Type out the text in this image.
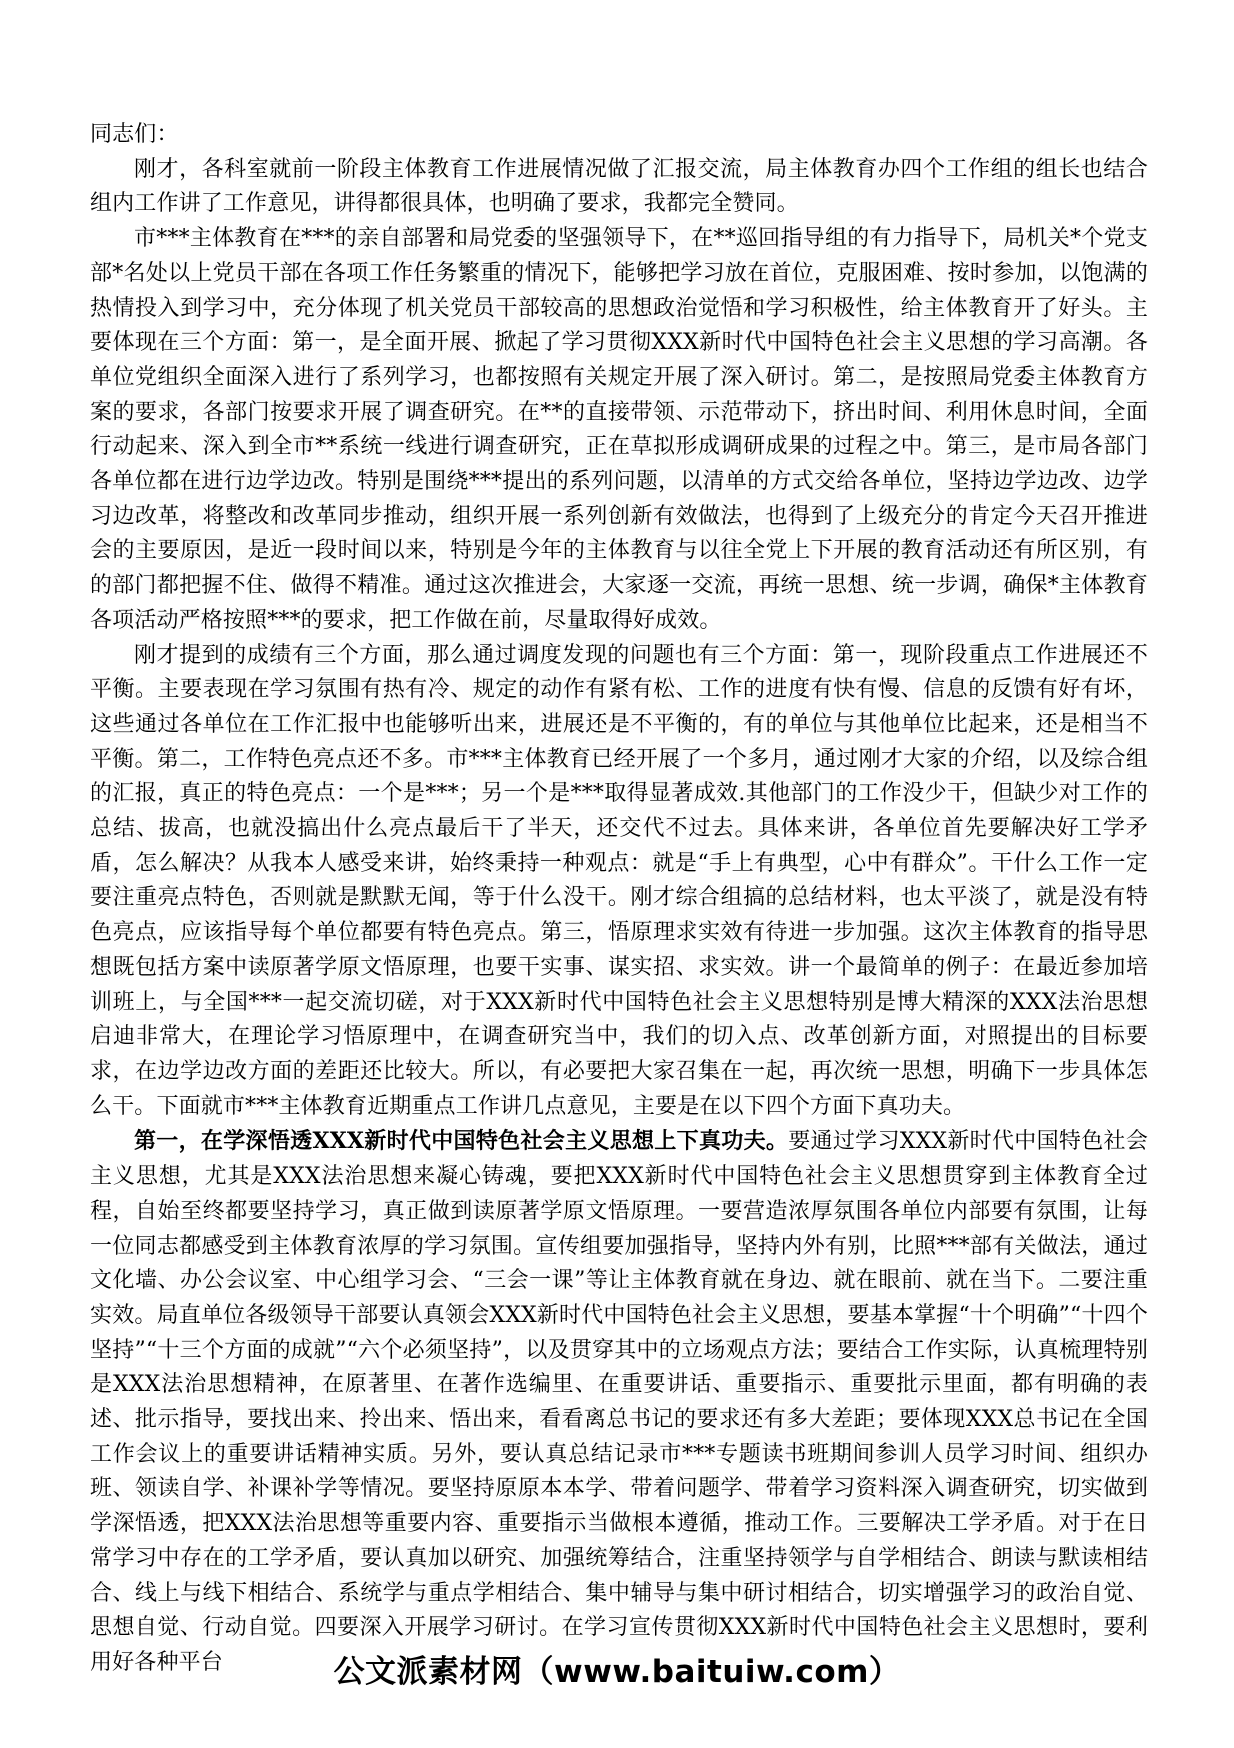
同志们：

刚才，各科室就前一阶段主体教育工作进展情况做了汇报交流，局主体教育办四个工作组的组长也结合组内工作讲了工作意见，讲得都很具体，也明确了要求，我都完全赞同。

市***主体教育在***的亲自部署和局党委的坚强领导下，在**巡回指导组的有力指导下，局机关*个党支部*名处以上党员干部在各项工作任务繁重的情况下，能够把学习放在首位，克服困难、按时参加，以饱满的热情投入到学习中，充分体现了机关党员干部较高的思想政治觉悟和学习积极性，给主体教育开了好头。主要体现在三个方面：第一，是全面开展、掀起了学习贯彻XXX新时代中国特色社会主义思想的学习高潮。各单位党组织全面深入进行了系列学习，也都按照有关规定开展了深入研讨。第二，是按照局党委主体教育方案的要求，各部门按要求开展了调查研究。在**的直接带领、示范带动下，挤出时间、利用休息时间，全面行动起来、深入到全市**系统一线进行调查研究，正在草拟形成调研成果的过程之中。第三，是市局各部门各单位都在进行边学边改。特别是围绕***提出的系列问题，以清单的方式交给各单位，坚持边学边改、边学习边改革，将整改和改革同步推动，组织开展一系列创新有效做法，也得到了上级充分的肯定今天召开推进会的主要原因，是近一段时间以来，特别是今年的主体教育与以往全党上下开展的教育活动还有所区别，有的部门都把握不住、做得不精准。通过这次推进会，大家逐一交流，再统一思想、统一步调，确保*主体教育各项活动严格按照***的要求，把工作做在前，尽量取得好成效。

刚才提到的成绩有三个方面，那么通过调度发现的问题也有三个方面：第一，现阶段重点工作进展还不平衡。主要表现在学习氛围有热有冷、规定的动作有紧有松、工作的进度有快有慢、信息的反馈有好有坏，这些通过各单位在工作汇报中也能够听出来，进展还是不平衡的，有的单位与其他单位比起来，还是相当不平衡。第二，工作特色亮点还不多。市***主体教育已经开展了一个多月，通过刚才大家的介绍，以及综合组的汇报，真正的特色亮点：一个是***；另一个是***取得显著成效.其他部门的工作没少干，但缺少对工作的总结、拔高，也就没搞出什么亮点最后干了半天，还交代不过去。具体来讲，各单位首先要解决好工学矛盾，怎么解决？从我本人感受来讲，始终秉持一种观点：就是“手上有典型，心中有群众”。干什么工作一定要注重亮点特色，否则就是默默无闻，等于什么没干。刚才综合组搞的总结材料，也太平淡了，就是没有特色亮点，应该指导每个单位都要有特色亮点。第三，悟原理求实效有待进一步加强。这次主体教育的指导思想既包括方案中读原著学原文悟原理，也要干实事、谋实招、求实效。讲一个最简单的例子：在最近参加培训班上，与全国***一起交流切磋，对于XXX新时代中国特色社会主义思想特别是博大精深的XXX法治思想启迪非常大，在理论学习悟原理中，在调查研究当中，我们的切入点、改革创新方面，对照提出的目标要求，在边学边改方面的差距还比较大。所以，有必要把大家召集在一起，再次统一思想，明确下一步具体怎么干。下面就市***主体教育近期重点工作讲几点意见，主要是在以下四个方面下真功夫。

第一，在学深悟透XXX新时代中国特色社会主义思想上下真功夫。要通过学习XXX新时代中国特色社会主义思想，尤其是XXX法治思想来凝心铸魂，要把XXX新时代中国特色社会主义思想贯穿到主体教育全过程，自始至终都要坚持学习，真正做到读原著学原文悟原理。一要营造浓厚氛围各单位内部要有氛围，让每一位同志都感受到主体教育浓厚的学习氛围。宣传组要加强指导，坚持内外有别，比照***部有关做法，通过文化墙、办公会议室、中心组学习会、“三会一课”等让主体教育就在身边、就在眼前、就在当下。二要注重实效。局直单位各级领导干部要认真领会XXX新时代中国特色社会主义思想，要基本掌握“十个明确”“十四个坚持”“十三个方面的成就”“六个必须坚持”，以及贯穿其中的立场观点方法；要结合工作实际，认真梳理特别是XXX法治思想精神，在原著里、在著作选编里、在重要讲话、重要指示、重要批示里面，都有明确的表述、批示指导，要找出来、拎出来、悟出来，看看离总书记的要求还有多大差距；要体现XXX总书记在全国工作会议上的重要讲话精神实质。另外，要认真总结记录市***专题读书班期间参训人员学习时间、组织办班、领读自学、补课补学等情况。要坚持原原本本学、带着问题学、带着学习资料深入调查研究，切实做到学深悟透，把XXX法治思想等重要内容、重要指示当做根本遵循，推动工作。三要解决工学矛盾。对于在日常学习中存在的工学矛盾，要认真加以研究、加强统筹结合，注重坚持领学与自学相结合、朗读与默读相结合、线上与线下相结合、系统学与重点学相结合、集中辅导与集中研讨相结合，切实增强学习的政治自觉、思想自觉、行动自觉。四要深入开展学习研讨。在学习宣传贯彻XXX新时代中国特色社会主义思想时，要利用好各种平台	公文派素材网（www.baituiw.com）
